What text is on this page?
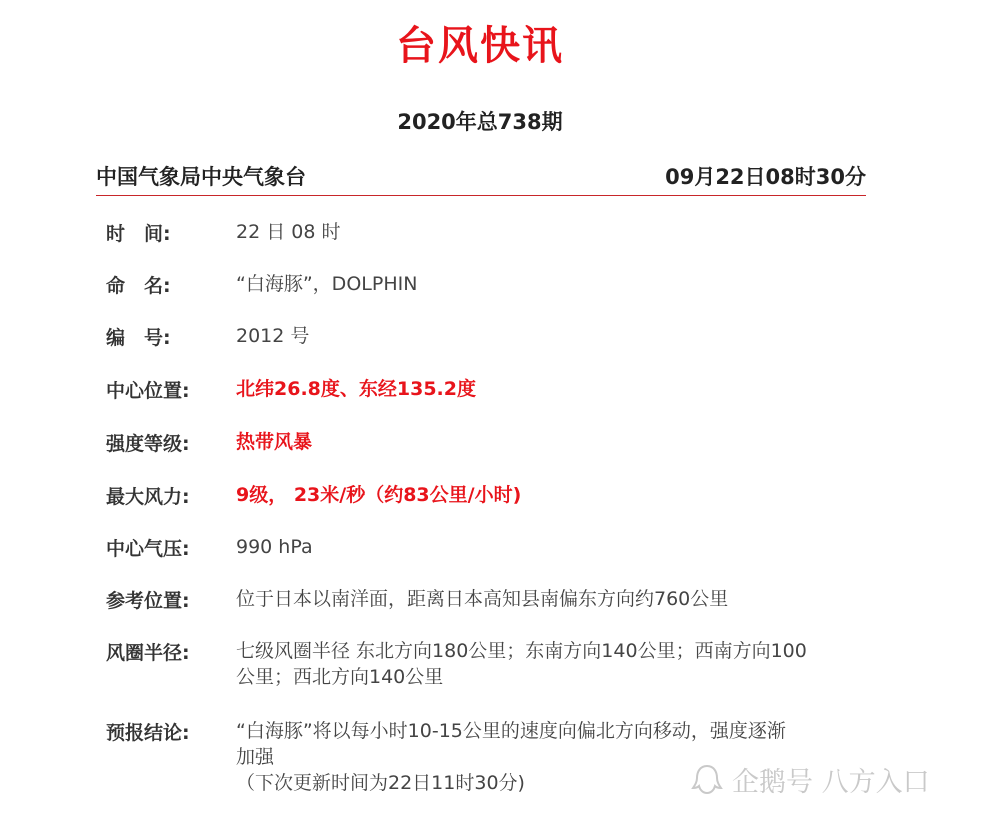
台风快讯
2020年总738期
中国气象局中央气象台	09月22日08时30分
时　间:	22 日 08 时
命　名:	“白海豚”，DOLPHIN
编　号:	2012 号
中心位置:	北纬26.8度、东经135.2度
强度等级:	热带风暴
最大风力:	9级， 23米/秒（约83公里/小时)
中心气压:	990 hPa
参考位置:	位于日本以南洋面，距离日本高知县南偏东方向约760公里
风圈半径:	七级风圈半径 东北方向180公里；东南方向140公里；西南方向100
公里；西北方向140公里
预报结论:	“白海豚”将以每小时10-15公里的速度向偏北方向移动，强度逐渐
加强
（下次更新时间为22日11时30分)	企鹅号 八方入口
